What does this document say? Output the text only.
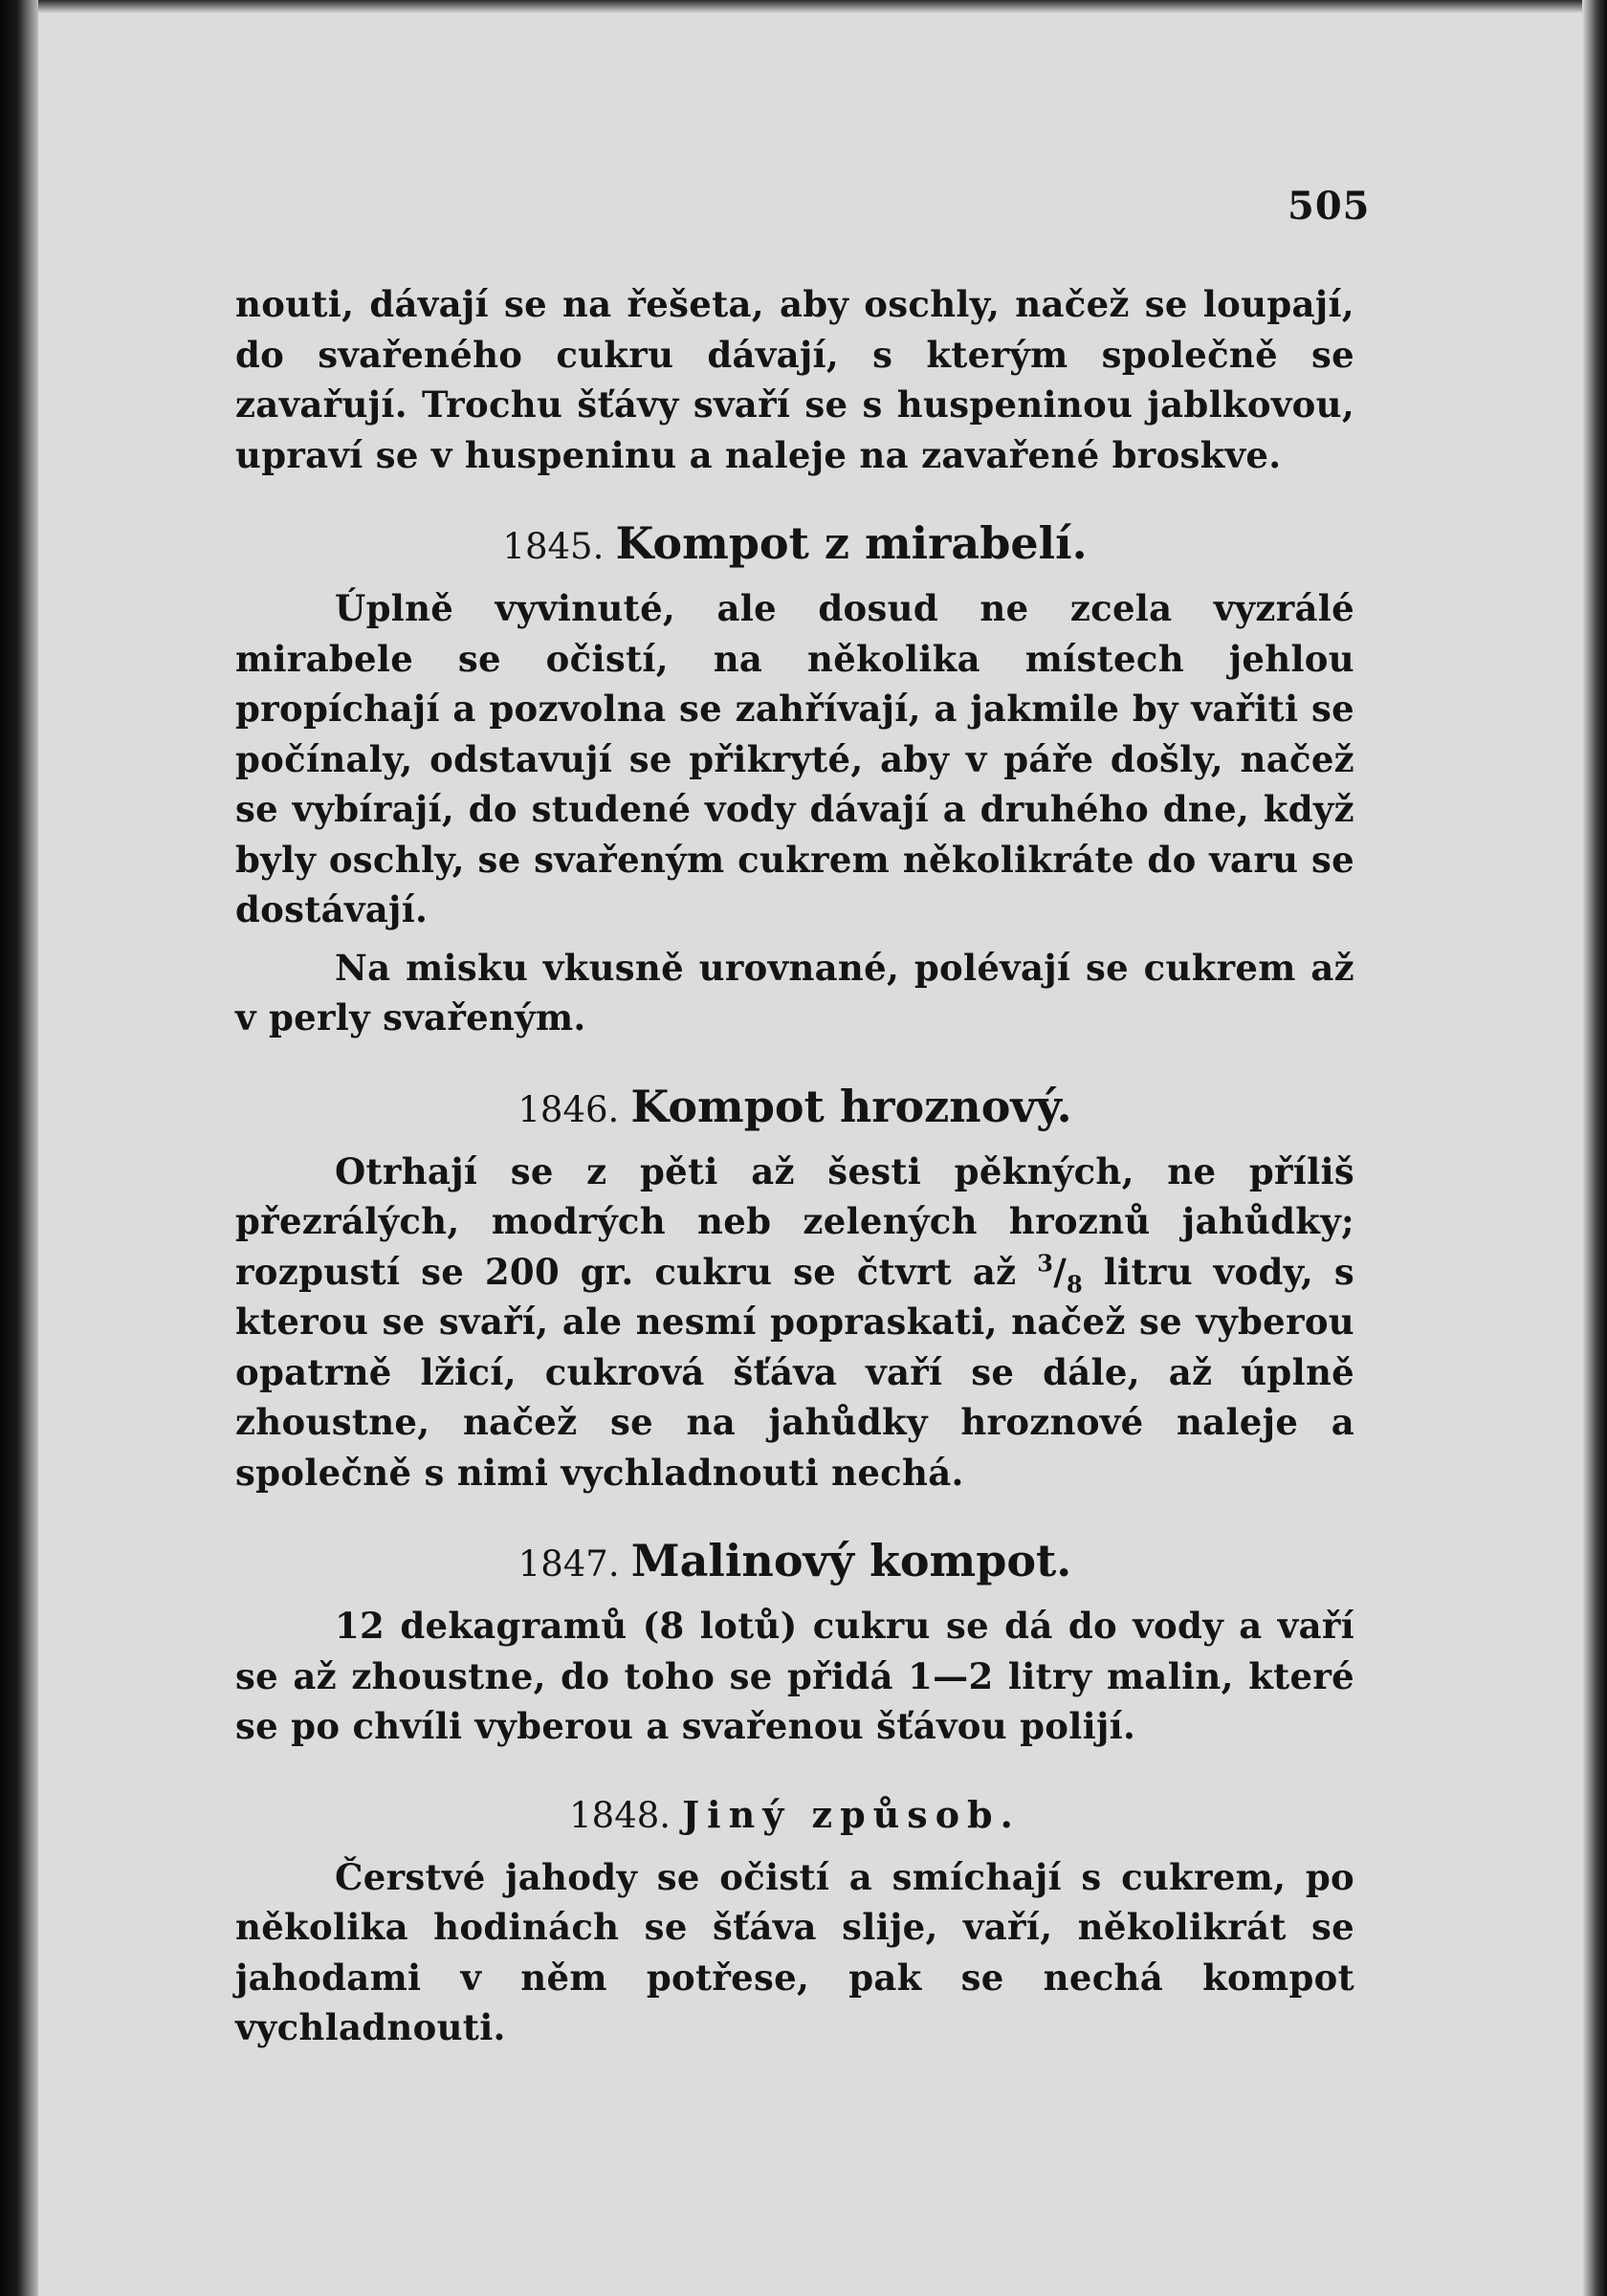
505

nouti, dávají se na řešeta, aby oschly, načež se loupají, do svařeného cukru dávají, s kterým společně se zavařují. Trochu šťávy svaří se s huspeninou jablkovou, upraví se v huspeninu a naleje na zavařené broskve.

1845. Kompot z mirabelí.

Úplně vyvinuté, ale dosud ne zcela vyzrálé mirabele se očistí, na několika místech jehlou propíchají a pozvolna se zahřívají, a jakmile by vařiti se počínaly, odstavují se přikryté, aby v páře došly, načež se vybírají, do studené vody dávají a druhého dne, když byly oschly, se svařeným cukrem několikráte do varu se dostávají.

Na misku vkusně urovnané, polévají se cukrem až v perly svařeným.

1846. Kompot hroznový.

Otrhají se z pěti až šesti pěkných, ne příliš přezrálých, modrých neb zelených hroznů jahůdky; rozpustí se 200 gr. cukru se čtvrt až $^3/_8$ litru vody, s kterou se svaří, ale nesmí popraskati, načež se vyberou opatrně lžicí, cukrová šťáva vaří se dále, až úplně zhoustne, načež se na jahůdky hroznové naleje a společně s nimi vychladnouti nechá.

1847. Malinový kompot.

12 dekagramů (8 lotů) cukru se dá do vody a vaří se až zhoustne, do toho se přidá 1—2 litry malin, které se po chvíli vyberou a svařenou šťávou polijí.

1848. Jiný způsob.

Čerstvé jahody se očistí a smíchají s cukrem, po několika hodinách se šťáva slije, vaří, několikrát se jahodami v něm potřese, pak se nechá kompot vychladnouti.
